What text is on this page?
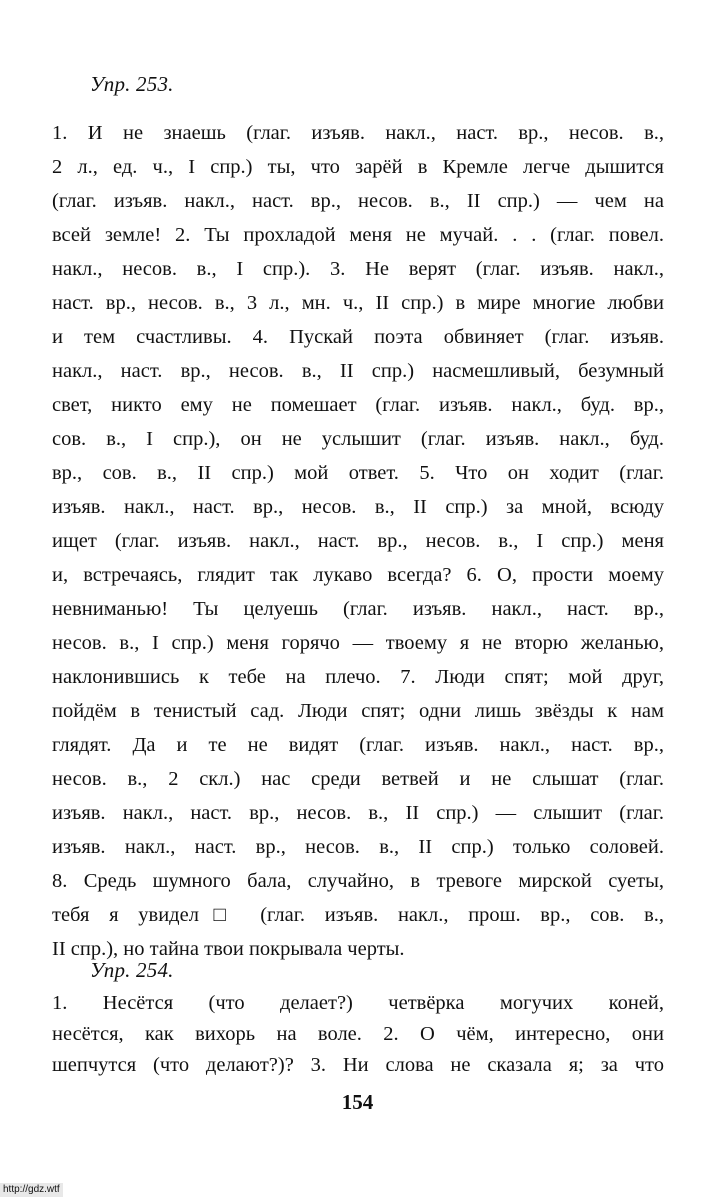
Упр. 253.
1. И не знаешь (глаг. изъяв. накл., наст. вр., несов. в.,
2 л., ед. ч., I спр.) ты, что зарёй в Кремле легче дышится
(глаг. изъяв. накл., наст. вр., несов. в., II спр.) — чем на
всей земле! 2. Ты прохладой меня не мучай. . . (глаг. повел.
накл., несов. в., I спр.). 3. Не верят (глаг. изъяв. накл.,
наст. вр., несов. в., 3 л., мн. ч., II спр.) в мире многие любви
и тем счастливы. 4. Пускай поэта обвиняет (глаг. изъяв.
накл., наст. вр., несов. в., II спр.) насмешливый, безумный
свет, никто ему не помешает (глаг. изъяв. накл., буд. вр.,
сов. в., I спр.), он не услышит (глаг. изъяв. накл., буд.
вр., сов. в., II спр.) мой ответ. 5. Что он ходит (глаг.
изъяв. накл., наст. вр., несов. в., II спр.) за мной, всюду
ищет (глаг. изъяв. накл., наст. вр., несов. в., I спр.) меня
и, встречаясь, глядит так лукаво всегда? 6. О, прости моему
невниманью! Ты целуешь (глаг. изъяв. накл., наст. вр.,
несов. в., I спр.) меня горячо — твоему я не вторю желанью,
наклонившись к тебе на плечо. 7. Люди спят; мой друг,
пойдём в тенистый сад. Люди спят; одни лишь звёзды к нам
глядят. Да и те не видят (глаг. изъяв. накл., наст. вр.,
несов. в., 2 скл.) нас среди ветвей и не слышат (глаг.
изъяв. накл., наст. вр., несов. в., II спр.) — слышит (глаг.
изъяв. накл., наст. вр., несов. в., II спр.) только соловей.
8. Средь шумного бала, случайно, в тревоге мирской суеты,
тебя я увидел□ (глаг. изъяв. накл., прош. вр., сов. в.,
II спр.), но тайна твои покрывала черты.
Упр. 254.
1. Несётся (что делает?) четвёрка могучих коней,
несётся, как вихорь на воле. 2. О чём, интересно, они
шепчутся (что делают?)? 3. Ни слова не сказала я; за что
154
http://gdz.wtf
